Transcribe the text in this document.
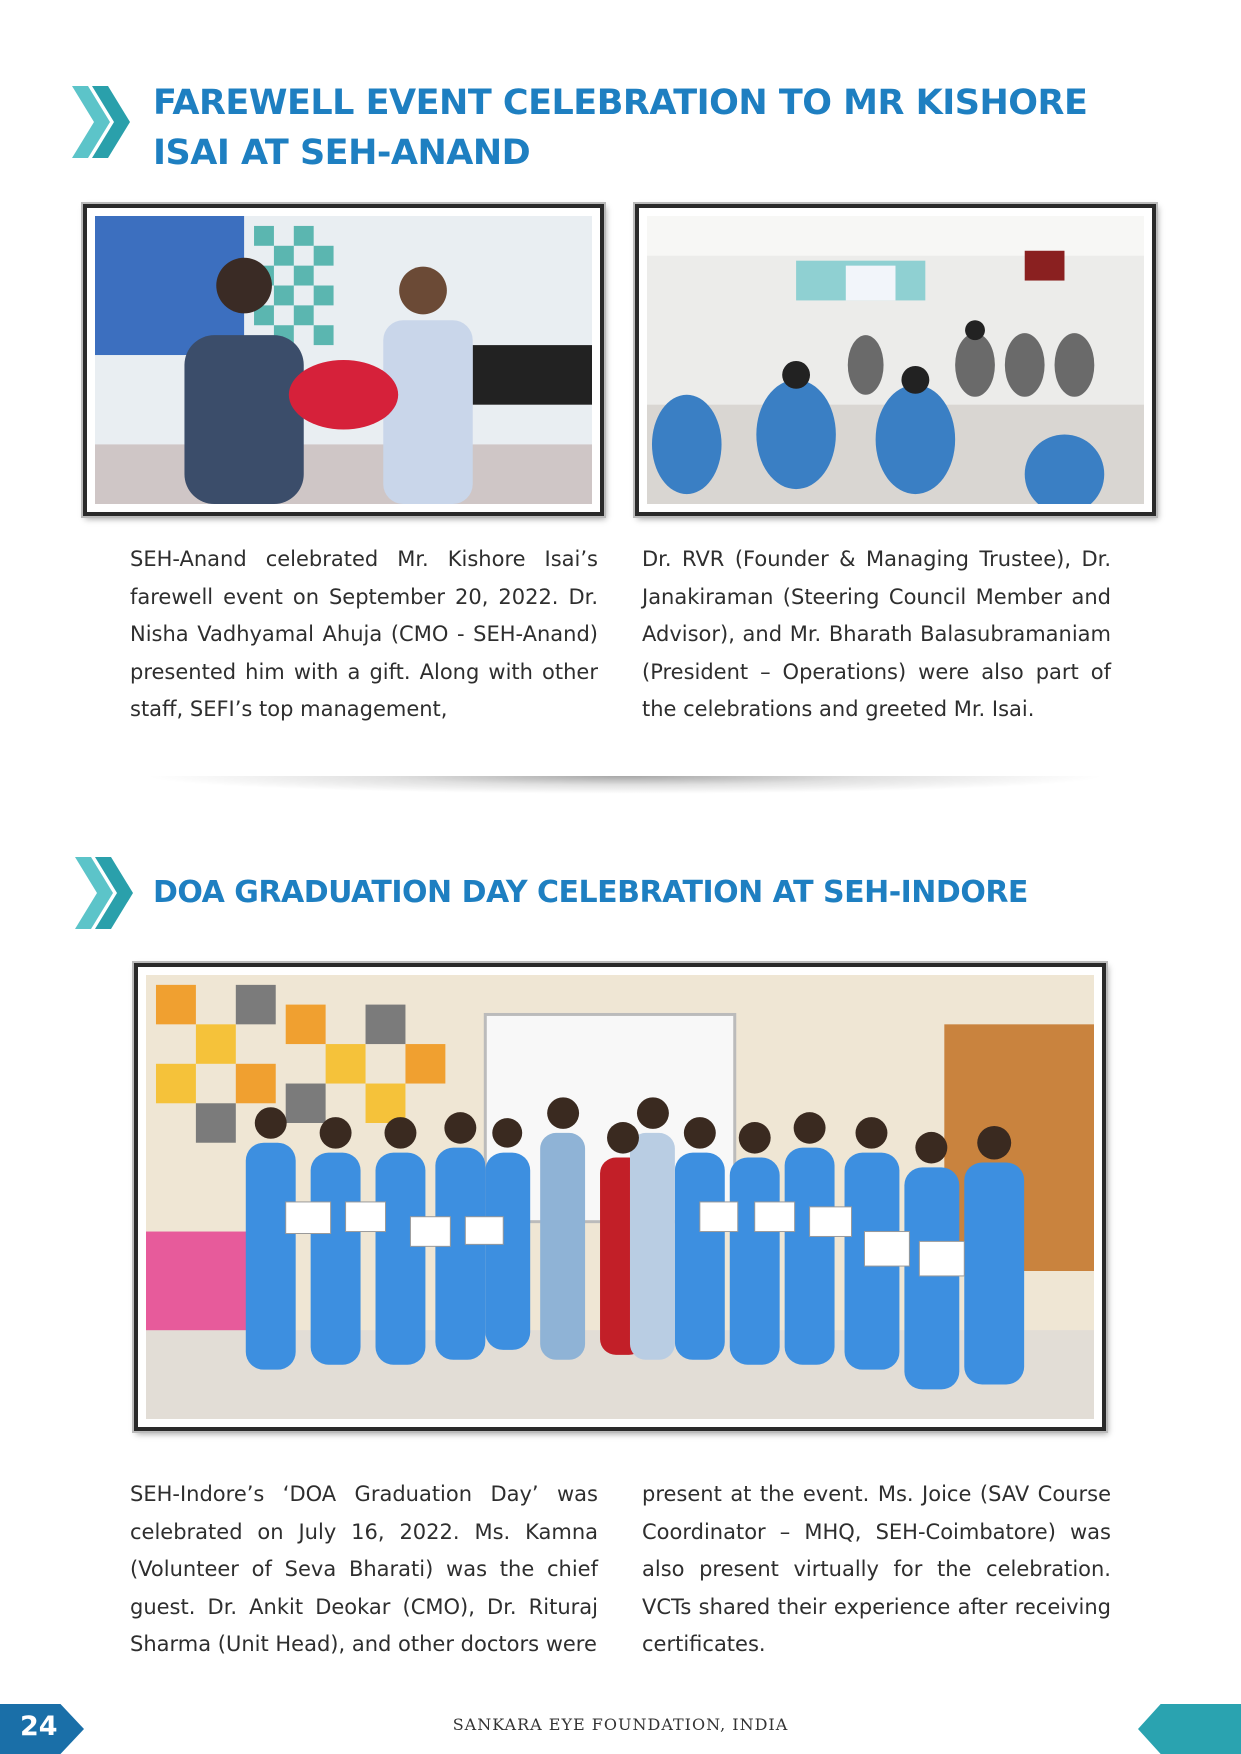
FAREWELL EVENT CELEBRATION TO MR KISHORE ISAI AT SEH-ANAND

SEH-Anand celebrated Mr. Kishore Isai’s farewell event on September 20, 2022. Dr. Nisha Vadhyamal Ahuja (CMO - SEH-Anand) presented him with a gift. Along with other staff, SEFI’s top management,

Dr. RVR (Founder & Managing Trustee), Dr. Janakiraman (Steering Council Member and Advisor), and Mr. Bharath Balasubramaniam (President – Operations) were also part of the celebrations and greeted Mr. Isai.

DOA GRADUATION DAY CELEBRATION AT SEH-INDORE

SEH-Indore’s ‘DOA Graduation Day’ was celebrated on July 16, 2022. Ms. Kamna (Volunteer of Seva Bharati) was the chief guest. Dr. Ankit Deokar (CMO), Dr. Rituraj Sharma (Unit Head), and other doctors were

present at the event. Ms. Joice (SAV Course Coordinator – MHQ, SEH-Coimbatore) was also present virtually for the celebration. VCTs shared their experience after receiving certificates.

24	SANKARA EYE FOUNDATION, INDIA
